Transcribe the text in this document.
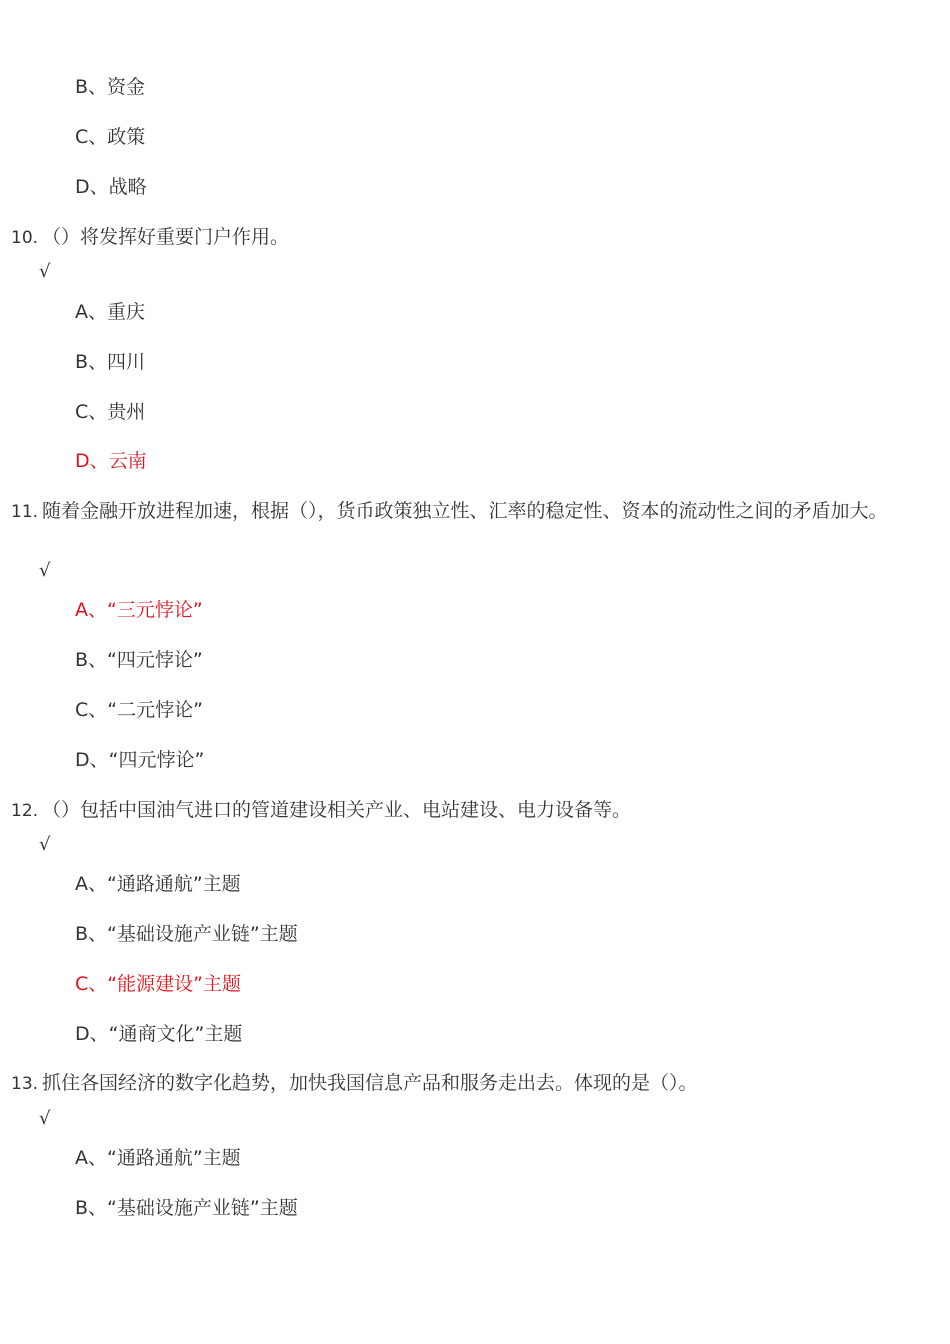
B、资金
C、政策
D、战略
10. （）将发挥好重要门户作用。
√
A、重庆
B、四川
C、贵州
D、云南
11. 随着金融开放进程加速，根据（），货币政策独立性、汇率的稳定性、资本的流动性之间的矛盾加大。
√
A、“三元悖论”
B、“四元悖论”
C、“二元悖论”
D、“四元悖论”
12. （）包括中国油气进口的管道建设相关产业、电站建设、电力设备等。
√
A、“通路通航”主题
B、“基础设施产业链”主题
C、“能源建设”主题
D、“通商文化”主题
13. 抓住各国经济的数字化趋势，加快我国信息产品和服务走出去。体现的是（）。
√
A、“通路通航”主题
B、“基础设施产业链”主题
